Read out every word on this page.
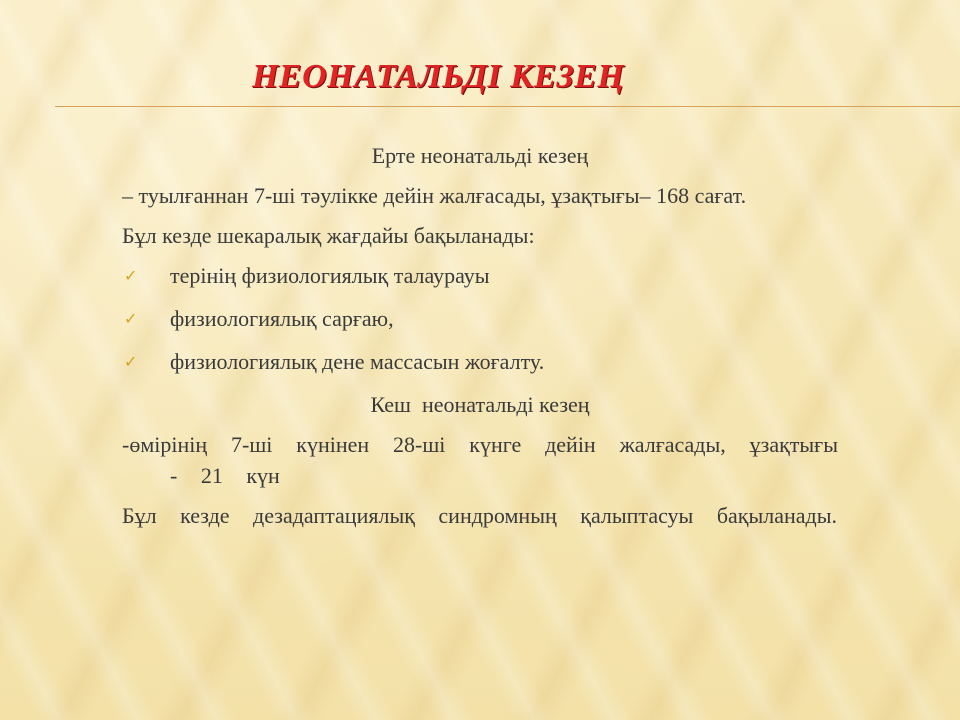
НЕОНАТАЛЬДІ КЕЗЕҢ

Ерте неонатальді кезең

– туылғаннан 7-ші тәулікке дейін жалғасады, ұзақтығы– 168 сағат.

Бұл кезде шекаралық жағдайы бақыланады:

✓ терінің физиологиялық талаурауы
✓ физиологиялық сарғаю,
✓ физиологиялық дене массасын жоғалту.

Кеш  неонатальді кезең

-өмірінің 7-ші күнінен 28-ші күнге дейін жалғасады, ұзақтығы - 21 күн

Бұл кезде дезадаптациялық синдромның қалыптасуы бақыланады.
